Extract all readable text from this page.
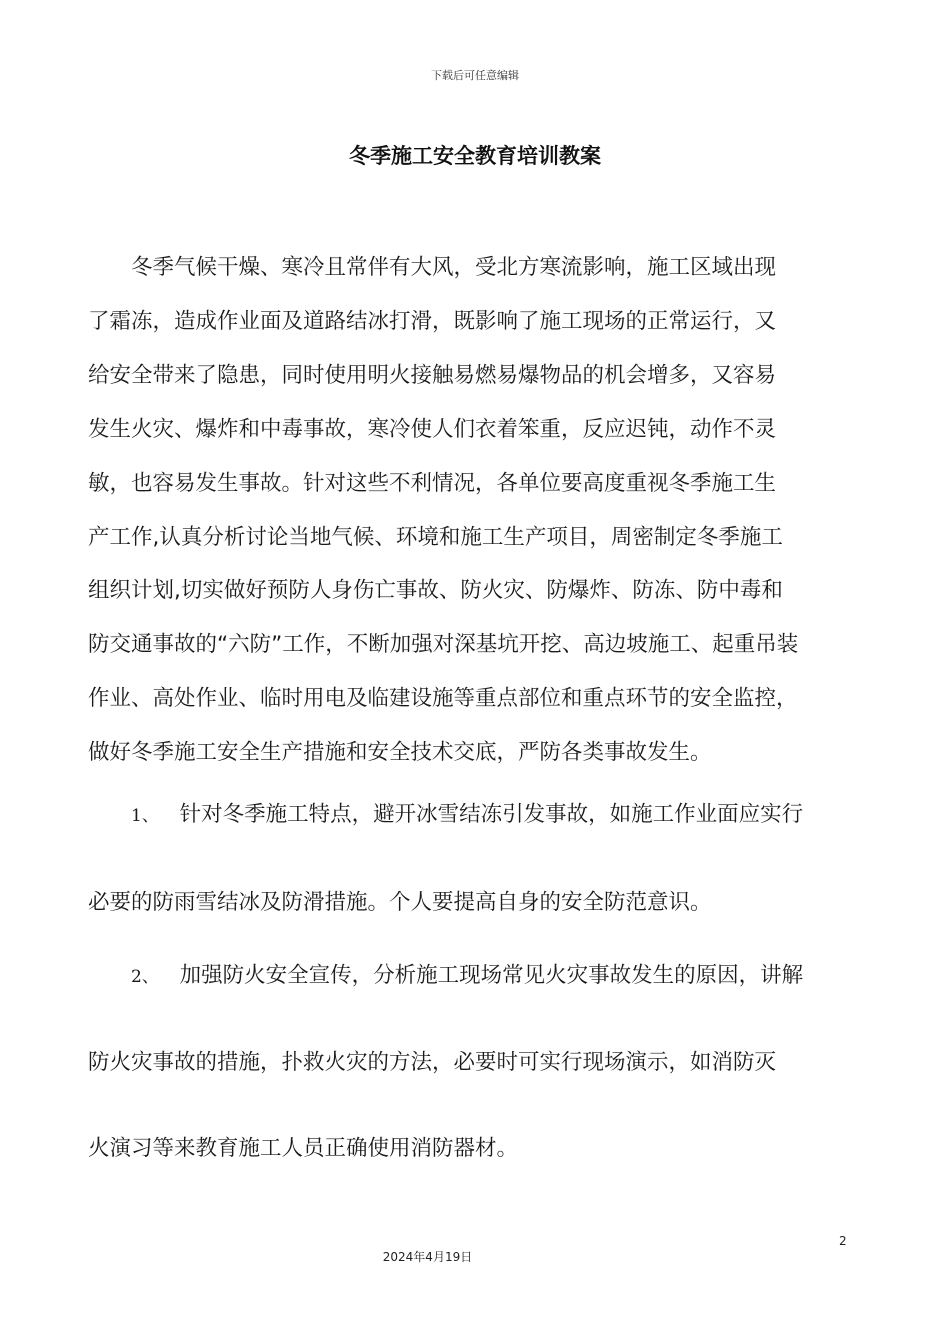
下载后可任意编辑
冬季施工安全教育培训教案
冬季气候干燥、寒冷且常伴有大风，受北方寒流影响，施工区域出现
了霜冻，造成作业面及道路结冰打滑，既影响了施工现场的正常运行，又
给安全带来了隐患，同时使用明火接触易燃易爆物品的机会增多，又容易
发生火灾、爆炸和中毒事故，寒冷使人们衣着笨重，反应迟钝，动作不灵
敏，也容易发生事故。针对这些不利情况，各单位要高度重视冬季施工生
产工作,认真分析讨论当地气候、环境和施工生产项目，周密制定冬季施工
组织计划,切实做好预防人身伤亡事故、防火灾、防爆炸、防冻、防中毒和
防交通事故的“六防”工作，不断加强对深基坑开挖、高边坡施工、起重吊装
作业、高处作业、临时用电及临建设施等重点部位和重点环节的安全监控，
做好冬季施工安全生产措施和安全技术交底，严防各类事故发生。
1、 针对冬季施工特点，避开冰雪结冻引发事故，如施工作业面应实行
必要的防雨雪结冰及防滑措施。个人要提高自身的安全防范意识。
2、 加强防火安全宣传，分析施工现场常见火灾事故发生的原因，讲解
防火灾事故的措施，扑救火灾的方法，必要时可实行现场演示，如消防灭
火演习等来教育施工人员正确使用消防器材。
2
2024年4月19日
